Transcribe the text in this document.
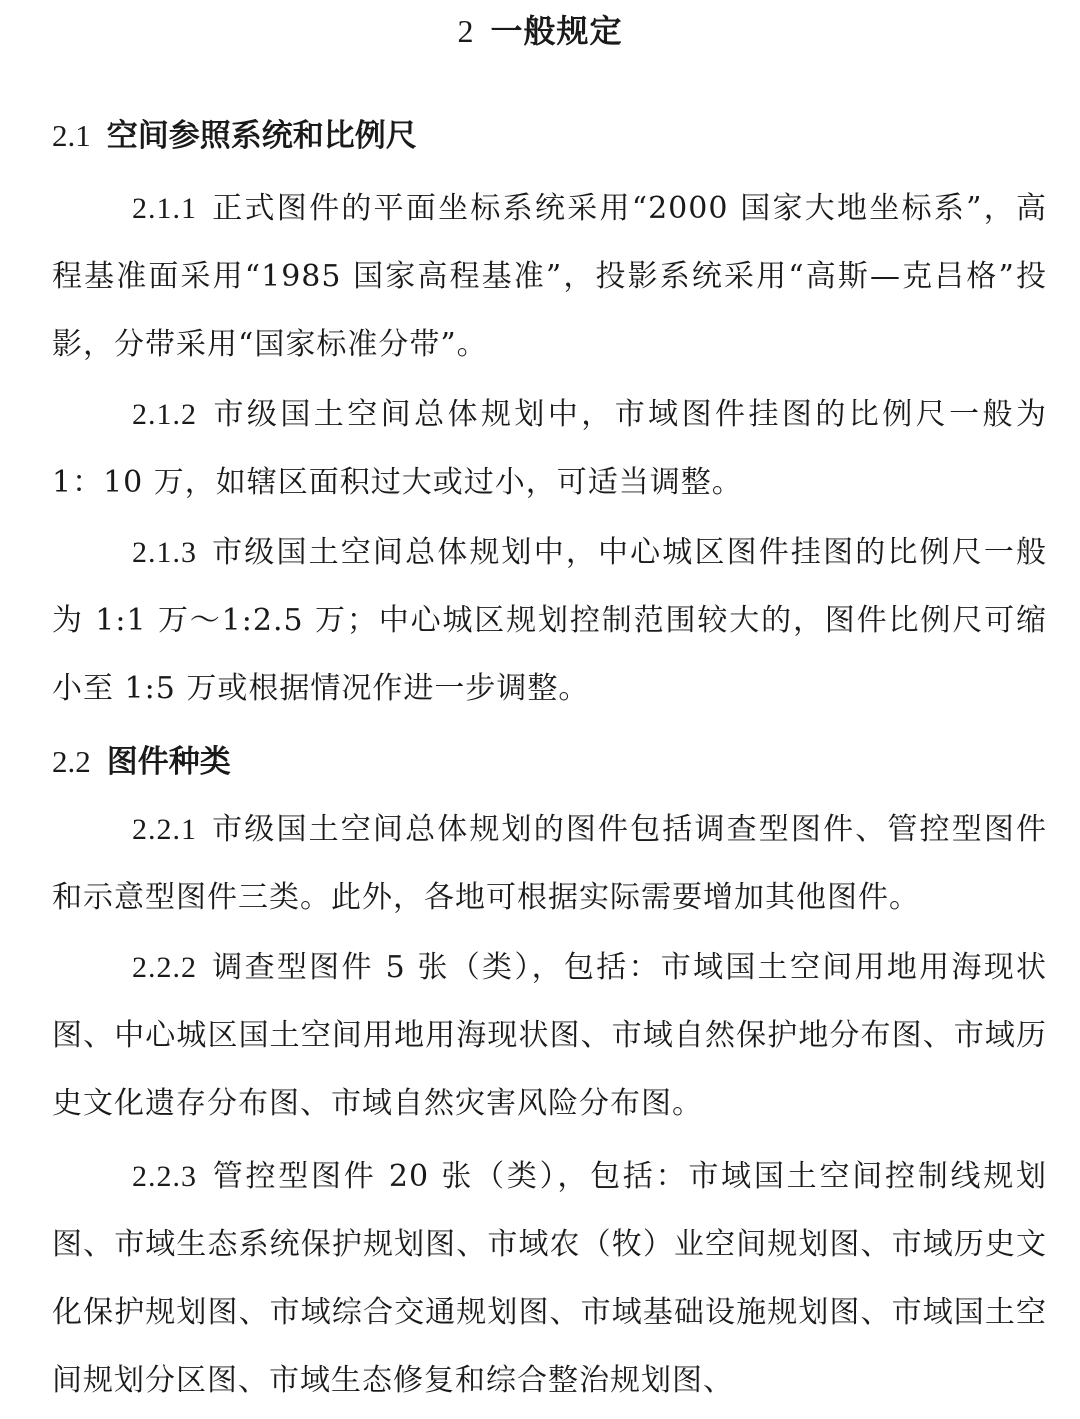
2 一般规定
2.1 空间参照系统和比例尺
2.1.1 正式图件的平面坐标系统采用“2000 国家大地坐标系”，高程基准面采用“1985 国家高程基准”，投影系统采用“高斯—克吕格”投影，分带采用“国家标准分带”。
2.1.2 市级国土空间总体规划中，市域图件挂图的比例尺一般为 1：10 万，如辖区面积过大或过小，可适当调整。
2.1.3 市级国土空间总体规划中，中心城区图件挂图的比例尺一般为 1:1 万～1:2.5 万；中心城区规划控制范围较大的，图件比例尺可缩小至 1:5 万或根据情况作进一步调整。
2.2 图件种类
2.2.1 市级国土空间总体规划的图件包括调查型图件、管控型图件和示意型图件三类。此外，各地可根据实际需要增加其他图件。
2.2.2 调查型图件 5 张（类），包括：市域国土空间用地用海现状图、中心城区国土空间用地用海现状图、市域自然保护地分布图、市域历史文化遗存分布图、市域自然灾害风险分布图。
2.2.3 管控型图件 20 张（类），包括：市域国土空间控制线规划图、市域生态系统保护规划图、市域农（牧）业空间规划图、市域历史文化保护规划图、市域综合交通规划图、市域基础设施规划图、市域国土空间规划分区图、市域生态修复和综合整治规划图、
